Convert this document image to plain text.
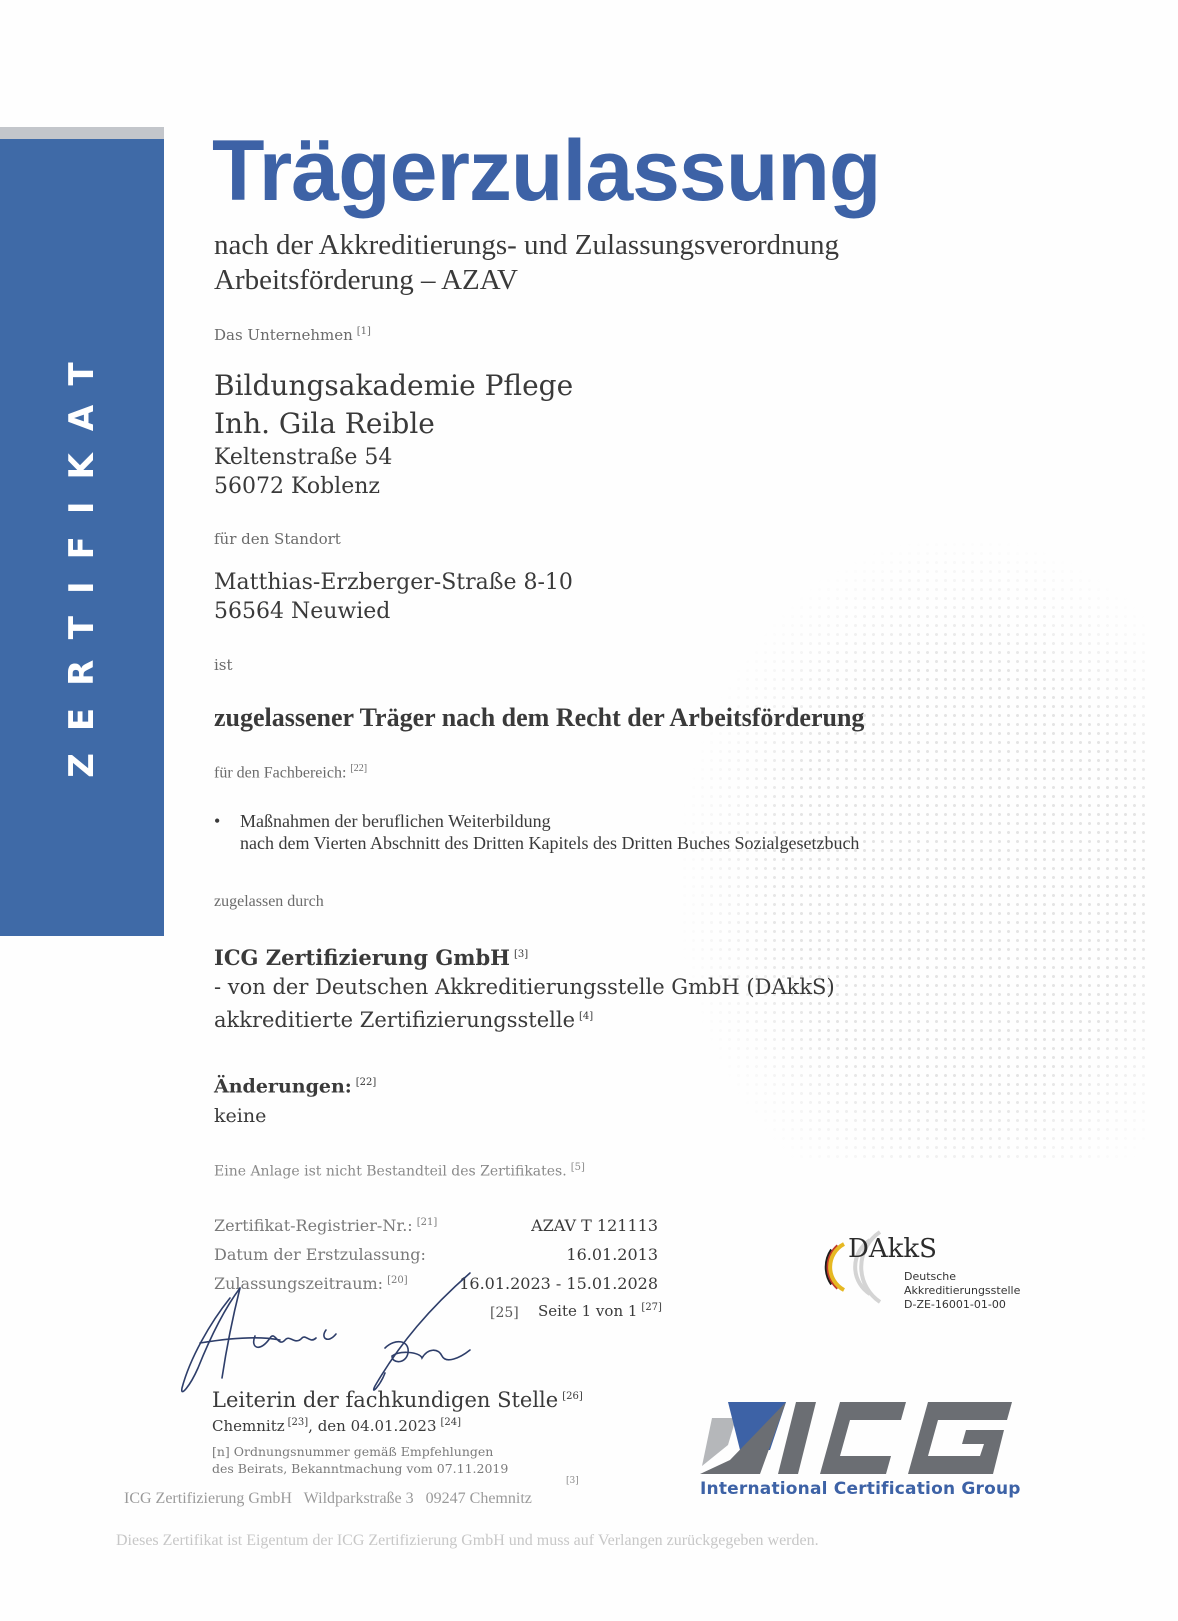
ZERTIFIKAT
Trägerzulassung
nach der Akkreditierungs- und Zulassungsverordnung
Arbeitsförderung – AZAV
Das Unternehmen [1]
Bildungsakademie Pflege
Inh. Gila Reible
Keltenstraße 54
56072 Koblenz
für den Standort
Matthias-Erzberger-Straße 8-10
56564 Neuwied
ist
zugelassener Träger nach dem Recht der Arbeitsförderung
für den Fachbereich: [22]
• Maßnahmen der beruflichen Weiterbildung
nach dem Vierten Abschnitt des Dritten Kapitels des Dritten Buches Sozialgesetzbuch
zugelassen durch
ICG Zertifizierung GmbH [3]
- von der Deutschen Akkreditierungsstelle GmbH (DAkkS)
akkreditierte Zertifizierungsstelle [4]
Änderungen: [22]
keine
Eine Anlage ist nicht Bestandteil des Zertifikates. [5]
Zertifikat-Registrier-Nr.: [21]	AZAV T 121113
Datum der Erstzulassung:	16.01.2013
Zulassungszeitraum: [20]	16.01.2023 - 15.01.2028
[25] Seite 1 von 1 [27]
Leiterin der fachkundigen Stelle [26]
Chemnitz [23], den 04.01.2023 [24]
[n] Ordnungsnummer gemäß Empfehlungen
des Beirats, Bekanntmachung vom 07.11.2019
DAkkS
Deutsche
Akkreditierungsstelle
D-ZE-16001-01-00
International Certification Group
[3]
ICG Zertifizierung GmbH   Wildparkstraße 3   09247 Chemnitz
Dieses Zertifikat ist Eigentum der ICG Zertifizierung GmbH und muss auf Verlangen zurückgegeben werden.
